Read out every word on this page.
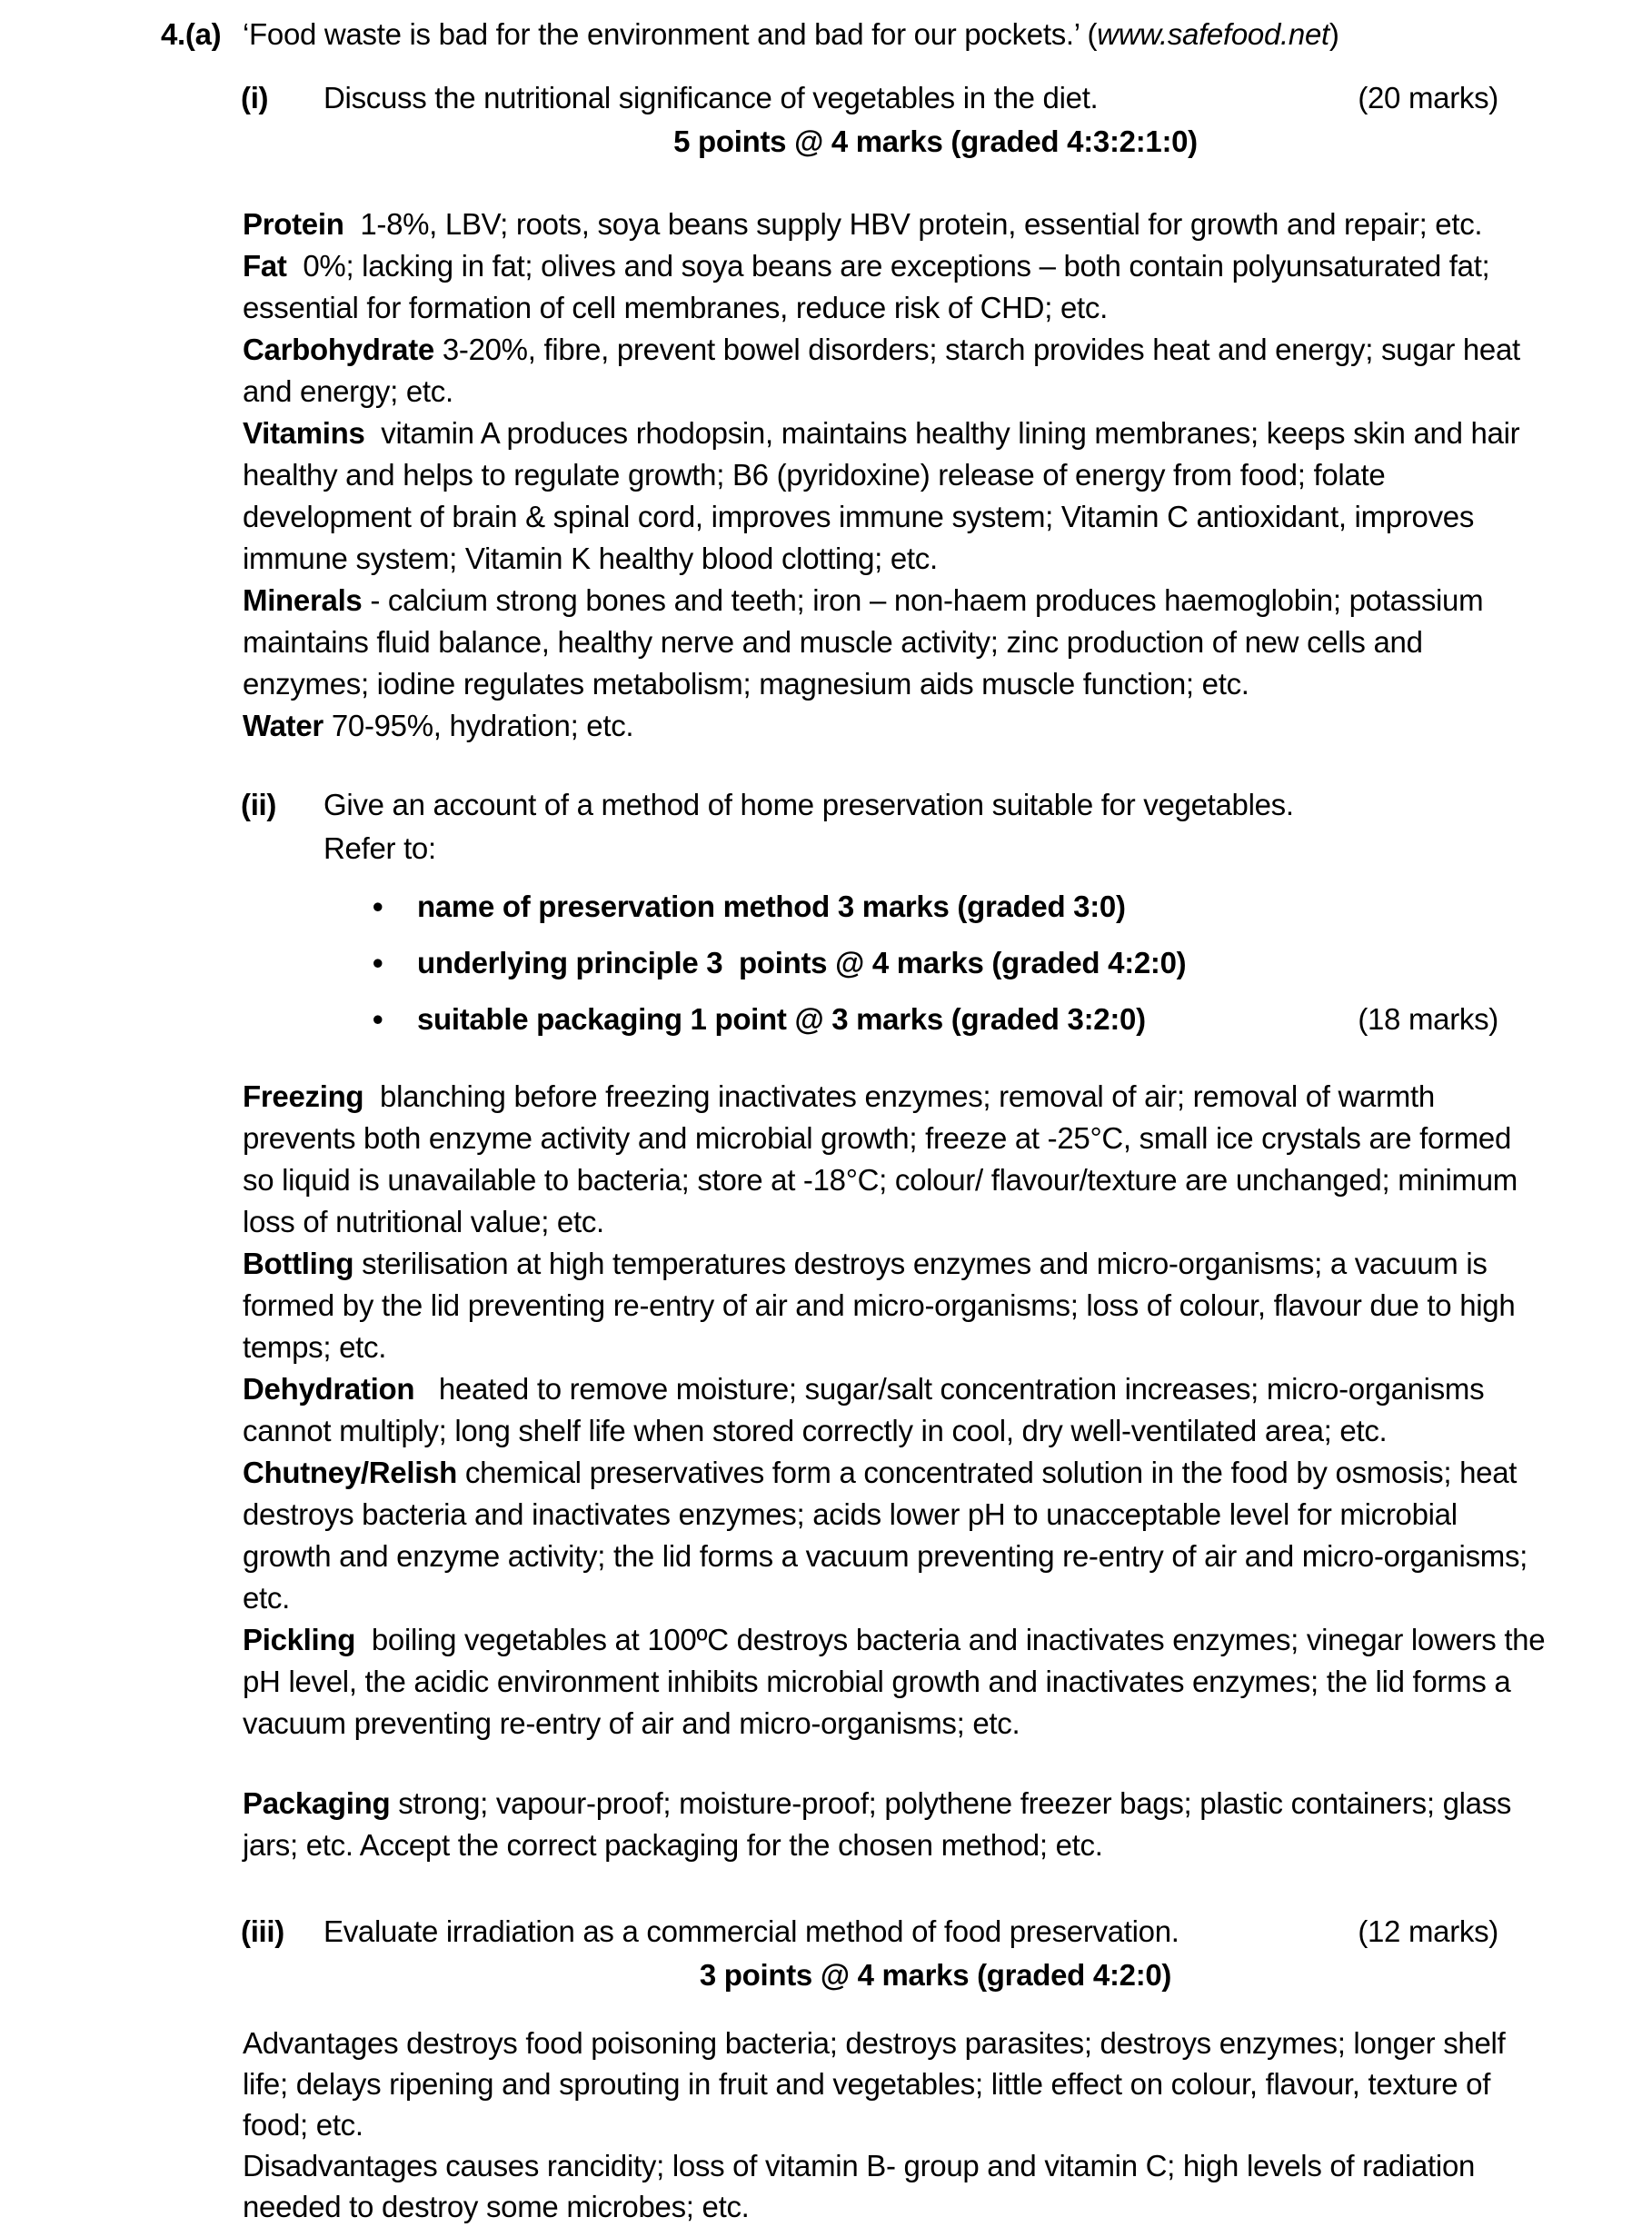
4.(a) ‘Food waste is bad for the environment and bad for our pockets.’ (www.safefood.net)
(i) Discuss the nutritional significance of vegetables in the diet.	(20 marks)
5 points @ 4 marks (graded 4:3:2:1:0)

Protein  1-8%, LBV; roots, soya beans supply HBV protein, essential for growth and repair; etc.

Fat  0%; lacking in fat; olives and soya beans are exceptions – both contain polyunsaturated fat; essential for formation of cell membranes, reduce risk of CHD; etc.

Carbohydrate 3-20%, fibre, prevent bowel disorders; starch provides heat and energy; sugar heat and energy; etc.

Vitamins  vitamin A produces rhodopsin, maintains healthy lining membranes; keeps skin and hair healthy and helps to regulate growth; B6 (pyridoxine) release of energy from food; folate development of brain & spinal cord, improves immune system; Vitamin C antioxidant, improves immune system; Vitamin K healthy blood clotting; etc.

Minerals - calcium strong bones and teeth; iron – non-haem produces haemoglobin; potassium maintains fluid balance, healthy nerve and muscle activity; zinc production of new cells and enzymes; iodine regulates metabolism; magnesium aids muscle function; etc.

Water 70-95%, hydration; etc.

(ii) Give an account of a method of home preservation suitable for vegetables.
Refer to:
• name of preservation method 3 marks (graded 3:0)
• underlying principle 3  points @ 4 marks (graded 4:2:0)
• suitable packaging 1 point @ 3 marks (graded 3:2:0)	(18 marks)

Freezing  blanching before freezing inactivates enzymes; removal of air; removal of warmth prevents both enzyme activity and microbial growth; freeze at -25°C, small ice crystals are formed so liquid is unavailable to bacteria; store at -18°C; colour/ flavour/texture are unchanged; minimum loss of nutritional value; etc.

Bottling sterilisation at high temperatures destroys enzymes and micro-organisms; a vacuum is formed by the lid preventing re-entry of air and micro-organisms; loss of colour, flavour due to high temps; etc.

Dehydration   heated to remove moisture; sugar/salt concentration increases; micro-organisms cannot multiply; long shelf life when stored correctly in cool, dry well-ventilated area; etc.

Chutney/Relish chemical preservatives form a concentrated solution in the food by osmosis; heat destroys bacteria and inactivates enzymes; acids lower pH to unacceptable level for microbial growth and enzyme activity; the lid forms a vacuum preventing re-entry of air and micro-organisms; etc.

Pickling  boiling vegetables at 100ºC destroys bacteria and inactivates enzymes; vinegar lowers the pH level, the acidic environment inhibits microbial growth and inactivates enzymes; the lid forms a vacuum preventing re-entry of air and micro-organisms; etc.

Packaging strong; vapour-proof; moisture-proof; polythene freezer bags; plastic containers; glass jars; etc. Accept the correct packaging for the chosen method; etc.

(iii) Evaluate irradiation as a commercial method of food preservation.	(12 marks)
3 points @ 4 marks (graded 4:2:0)

Advantages destroys food poisoning bacteria; destroys parasites; destroys enzymes; longer shelf life; delays ripening and sprouting in fruit and vegetables; little effect on colour, flavour, texture of food; etc.

Disadvantages causes rancidity; loss of vitamin B- group and vitamin C; high levels of radiation needed to destroy some microbes; etc.
